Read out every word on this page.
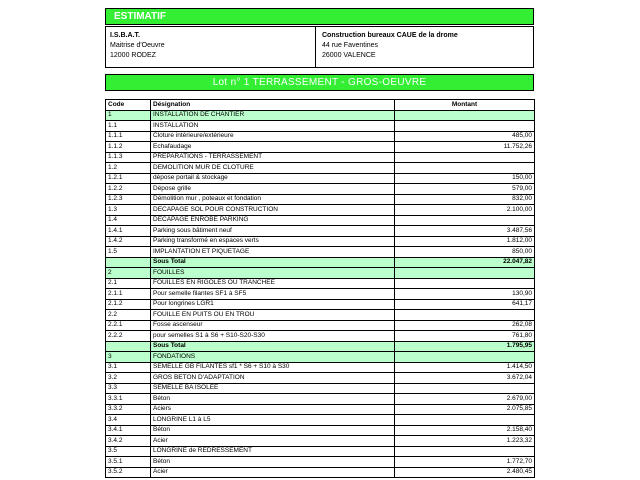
ESTIMATIF
I.S.B.A.T.
Maitrise d'Oeuvre
12000 RODEZ
Construction bureaux CAUE de la drome
44 rue Faventines
26000 VALENCE
Lot n° 1 TERRASSEMENT - GROS-OEUVRE
Code	Désignation	Montant
1	INSTALLATION DE CHANTIER	
1.1	INSTALLATION	
1.1.1	Cloture intérieure/extérieure	485,00
1.1.2	Echafaudage	11.752,26
1.1.3	PREPARATIONS - TERRASSEMENT	
1.2	DEMOLITION MUR DE CLOTURE	
1.2.1	dépose portail & stockage	150,00
1.2.2	Dépose grille	579,00
1.2.3	Démolition mur , poteaux et fondation	832,00
1.3	DECAPAGE SOL POUR CONSTRUCTION	2.100,00
1.4	DECAPAGE ENROBE PARKING	
1.4.1	Parking sous bâtiment neuf	3.487,56
1.4.2	Parking transformé en espaces verts	1.812,00
1.5	IMPLANTATION ET PIQUETAGE	850,00
	Sous Total	22.047,82
2	FOUILLES	
2.1	FOUILLES EN RIGOLES OU TRANCHEE	
2.1.1	Pour semelle filantes SF1 à SF5	130,90
2.1.2	Pour longrines LGR1	641,17
2.2	FOUILLE EN PUITS OU EN TROU	
2.2.1	Fosse ascenseur	262,08
2.2.2	pour semelles S1 à S6 + S10-S20-S30	761,80
	Sous Total	1.795,95
3	FONDATIONS	
3.1	SEMELLE GB FILANTES sf1 * S6 + S10 à S30	1.414,50
3.2	GROS BETON D'ADAPTATION	3.672,04
3.3	SEMELLE BA ISOLEE	
3.3.1	Béton	2.679,00
3.3.2	Aciers	2.075,85
3.4	LONGRINE L1 à L5	
3.4.1	Béton	2.158,40
3.4.2	Acier	1.223,32
3.5	LONGRINE de REDRESSEMENT	
3.5.1	Béton	1.772,70
3.5.2	Acier	2.480,45
